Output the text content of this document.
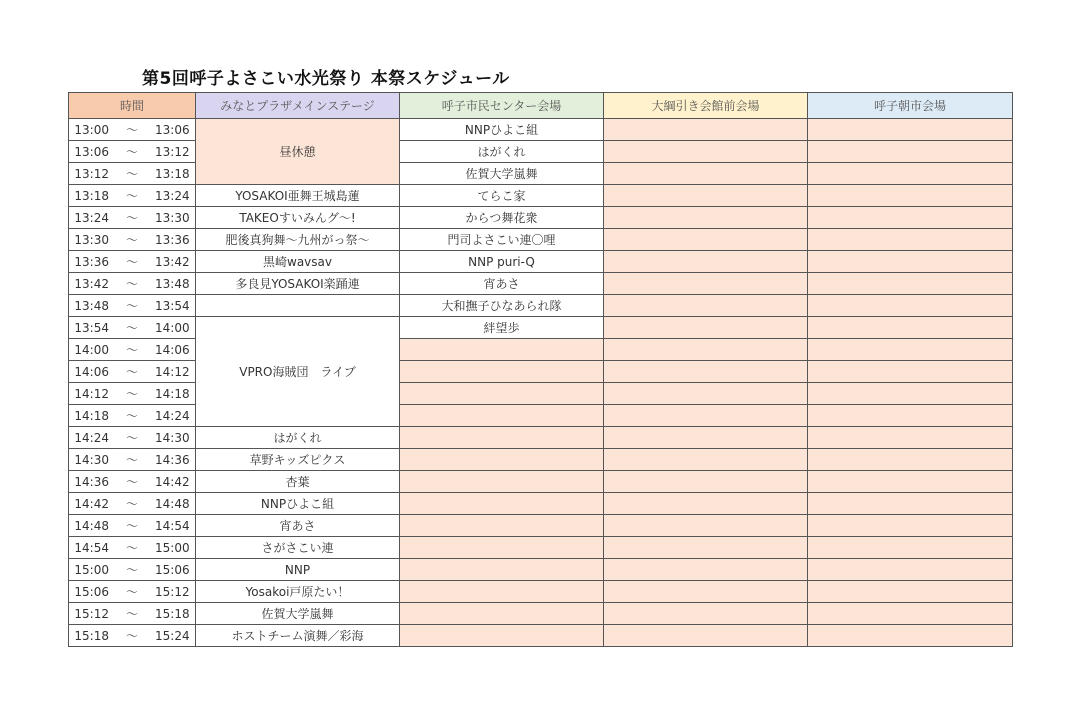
第5回呼子よさこい水光祭り 本祭スケジュール
時間	みなとプラザメインステージ	呼子市民センター会場	大綱引き会館前会場	呼子朝市会場
13:00 ～ 13:06	昼休憩	NNPひよこ組		
13:06 ～ 13:12		はがくれ		
13:12 ～ 13:18		佐賀大学嵐舞		
13:18 ～ 13:24	YOSAKOI亜舞王城島蓮	てらこ家		
13:24 ～ 13:30	TAKEOすいみんグ～!	からつ舞花衆		
13:30 ～ 13:36	肥後真狗舞～九州がっ祭～	門司よさこい連〇哩		
13:36 ～ 13:42	黒崎wavsav	NNP puri-Q		
13:42 ～ 13:48	多良見YOSAKOI楽踊連	宵あさ		
13:48 ～ 13:54		大和撫子ひなあられ隊		
13:54 ～ 14:00	VPRO海賊団　ライブ	絆望歩		
14:00 ～ 14:06				
14:06 ～ 14:12				
14:12 ～ 14:18				
14:18 ～ 14:24				
14:24 ～ 14:30	はがくれ			
14:30 ～ 14:36	草野キッズピクス			
14:36 ～ 14:42	杏葉			
14:42 ～ 14:48	NNPひよこ組			
14:48 ～ 14:54	宵あさ			
14:54 ～ 15:00	さがさこい連			
15:00 ～ 15:06	NNP			
15:06 ～ 15:12	Yosakoi戸原たい！			
15:12 ～ 15:18	佐賀大学嵐舞			
15:18 ～ 15:24	ホストチーム演舞／彩海			
